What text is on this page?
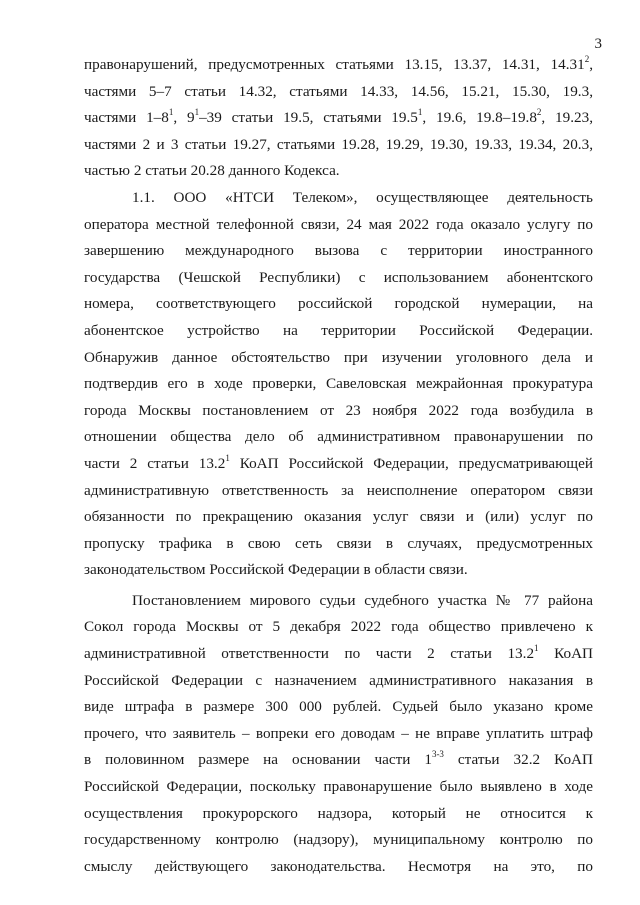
3
правонарушений, предусмотренных статьями 13.15, 13.37, 14.31, 14.31$^2$,
частями 5–7 статьи 14.32, статьями 14.33, 14.56, 15.21, 15.30, 19.3,
частями $1-8^1$, $9^1-39$ статьи 19.5, статьями 19.5$^1$, 19.6, 19.8–19.8$^2$, 19.23,
частями 2 и 3 статьи 19.27, статьями 19.28, 19.29, 19.30, 19.33, 19.34, 20.3,
частью 2 статьи 20.28 данного Кодекса.
1.1. ООО «НТСИ Телеком», осуществляющее деятельность
оператора местной телефонной связи, 24 мая 2022 года оказало услугу по
завершению международного вызова с территории иностранного
государства (Чешской Республики) с использованием абонентского
номера, соответствующего российской городской нумерации, на
абонентское устройство на территории Российской Федерации.
Обнаружив данное обстоятельство при изучении уголовного дела и
подтвердив его в ходе проверки, Савеловская межрайонная прокуратура
города Москвы постановлением от 23 ноября 2022 года возбудила в
отношении общества дело об административном правонарушении по
части 2 статьи 13.2$^1$ КоАП Российской Федерации, предусматривающей
административную ответственность за неисполнение оператором связи
обязанности по прекращению оказания услуг связи и (или) услуг по
пропуску трафика в свою сеть связи в случаях, предусмотренных
законодательством Российской Федерации в области связи.
Постановлением мирового судьи судебного участка № 77 района
Сокол города Москвы от 5 декабря 2022 года общество привлечено к
административной ответственности по части 2 статьи 13.2$^1$ КоАП
Российской Федерации с назначением административного наказания в
виде штрафа в размере 300 000 рублей. Судьей было указано кроме
прочего, что заявитель – вопреки его доводам – не вправе уплатить штраф
в половинном размере на основании части 1$^{3-3}$ статьи 32.2 КоАП
Российской Федерации, поскольку правонарушение было выявлено в ходе
осуществления прокурорского надзора, который не относится к
государственному контролю (надзору), муниципальному контролю по
смыслу действующего законодательства. Несмотря на это, по
